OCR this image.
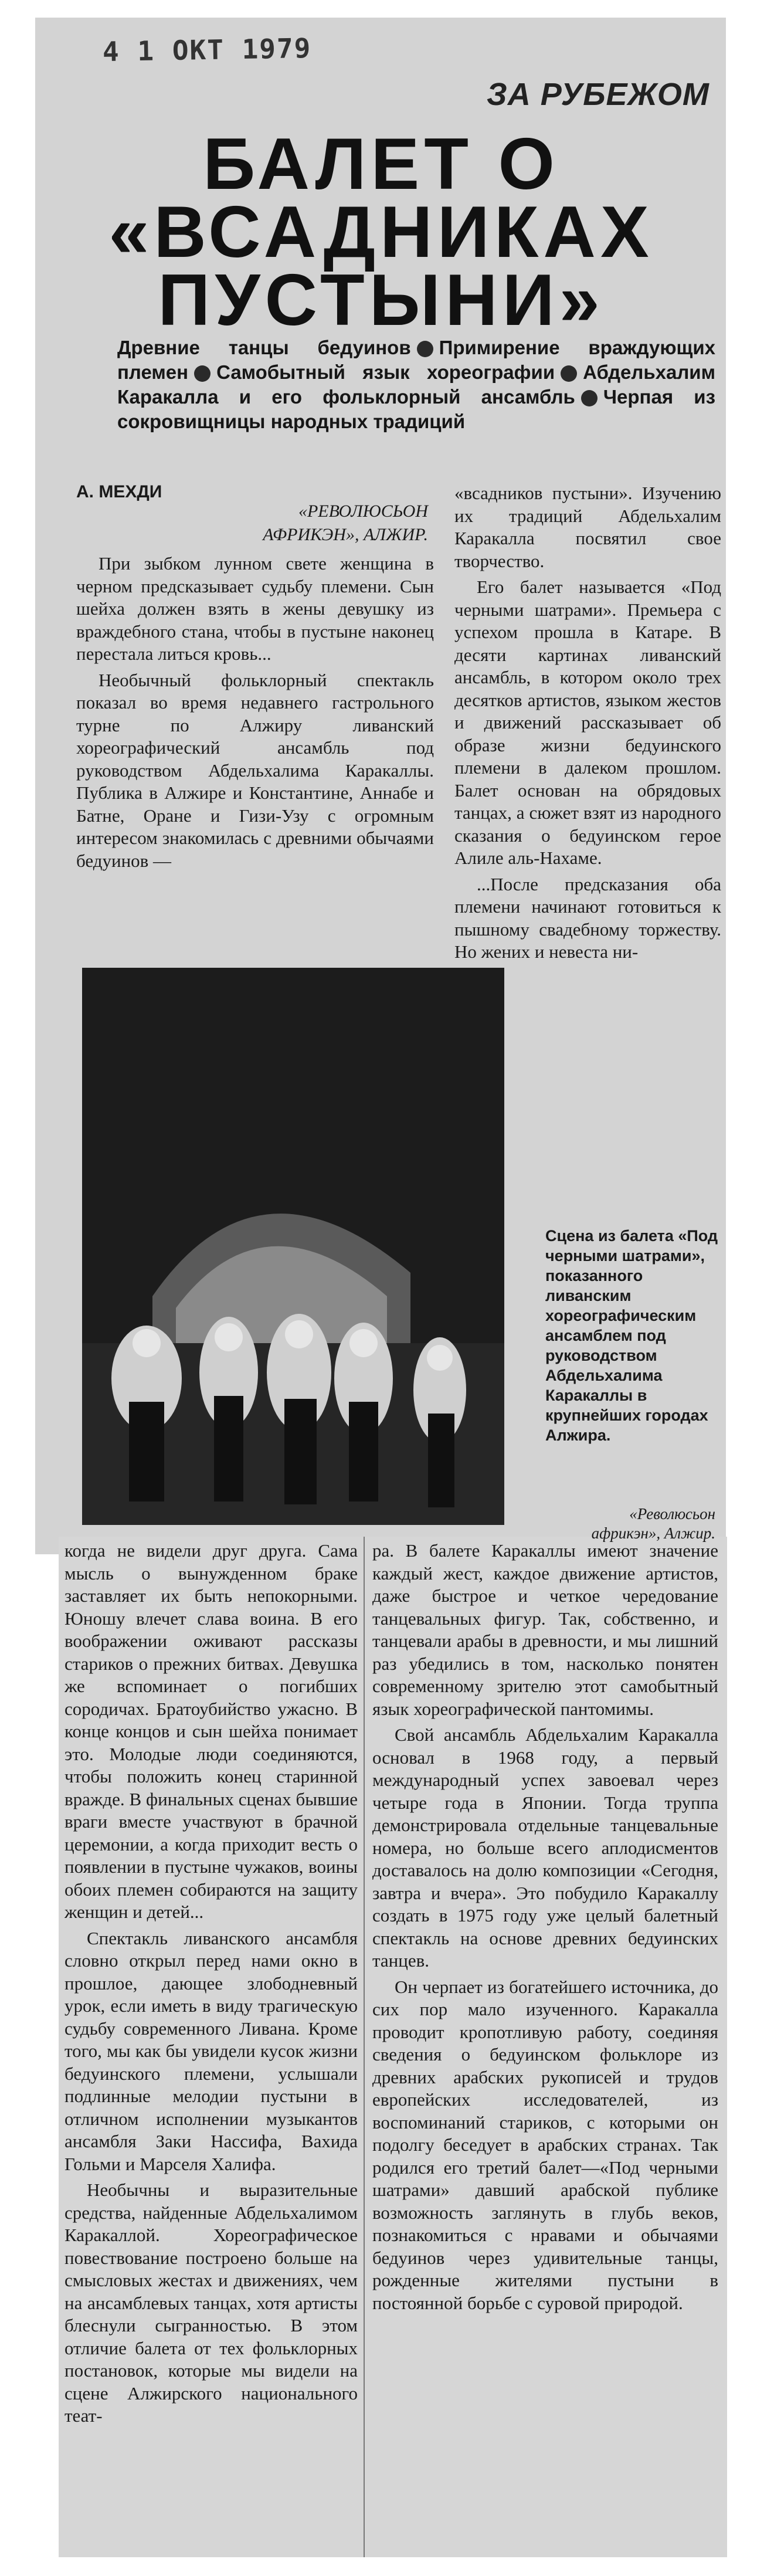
4 1 ОКТ 1979
ЗА РУБЕЖОМ
БАЛЕТ О «ВСАДНИКАХ ПУСТЫНИ»
Древние танцы бедуинов Примирение враждующих племен Самобытный язык хореографии Абдельхалим Каракалла и его фольклорный ансамбль Черпая из сокровищницы народных традиций
А. МЕХДИ
«РЕВОЛЮСЬОН АФРИКЭН», АЛЖИР.

При зыбком лунном свете женщина в черном предсказывает судьбу племени. Сын шейха должен взять в жены девушку из враждебного стана, чтобы в пустыне наконец перестала литься кровь...

Необычный фольклорный спектакль показал во время недавнего гастрольного турне по Алжиру ливанский хореографический ансамбль под руководством Абдельхалима Каракаллы. Публика в Алжире и Константине, Аннабе и Батне, Оране и Гизи-Узу с огромным интересом знакомилась с древними обычаями бедуинов —

«всадников пустыни». Изучению их традиций Абдельхалим Каракалла посвятил свое творчество.

Его балет называется «Под черными шатрами». Премьера с успехом прошла в Катаре. В десяти картинах ливанский ансамбль, в котором около трех десятков артистов, языком жестов и движений рассказывает об образе жизни бедуинского племени в далеком прошлом. Балет основан на обрядовых танцах, а сюжет взят из народного сказания о бедуинском герое Алиле аль-Нахаме.

...После предсказания оба племени начинают готовиться к пышному свадебному торжеству. Но жених и невеста ни-

Сцена из балета «Под черными шатрами», показанного ливанским хореографическим ансамблем под руководством Абдельхалима Каракаллы в крупнейших городах Алжира.
«Революсьон африкэн», Алжир.

когда не видели друг друга. Сама мысль о вынужденном браке заставляет их быть непокорными. Юношу влечет слава воина. В его воображении оживают рассказы стариков о прежних битвах. Девушка же вспоминает о погибших сородичах. Братоубийство ужасно. В конце концов и сын шейха понимает это. Молодые люди соединяются, чтобы положить конец старинной вражде. В финальных сценах бывшие враги вместе участвуют в брачной церемонии, а когда приходит весть о появлении в пустыне чужаков, воины обоих племен собираются на защиту женщин и детей...

Спектакль ливанского ансамбля словно открыл перед нами окно в прошлое, дающее злободневный урок, если иметь в виду трагическую судьбу современного Ливана. Кроме того, мы как бы увидели кусок жизни бедуинского племени, услышали подлинные мелодии пустыни в отличном исполнении музыкантов ансамбля Заки Нассифа, Вахида Гольми и Марселя Халифа.

Необычны и выразительные средства, найденные Абдельхалимом Каракаллой. Хореографическое повествование построено больше на смысловых жестах и движениях, чем на ансамблевых танцах, хотя артисты блеснули сыгранностью. В этом отличие балета от тех фольклорных постановок, которые мы видели на сцене Алжирского национального теат-

ра. В балете Каракаллы имеют значение каждый жест, каждое движение артистов, даже быстрое и четкое чередование танцевальных фигур. Так, собственно, и танцевали арабы в древности, и мы лишний раз убедились в том, насколько понятен современному зрителю этот самобытный язык хореографической пантомимы.

Свой ансамбль Абдельхалим Каракалла основал в 1968 году, а первый международный успех завоевал через четыре года в Японии. Тогда труппа демонстрировала отдельные танцевальные номера, но больше всего аплодисментов доставалось на долю композиции «Сегодня, завтра и вчера». Это побудило Каракаллу создать в 1975 году уже целый балетный спектакль на основе древних бедуинских танцев.

Он черпает из богатейшего источника, до сих пор мало изученного. Каракалла проводит кропотливую работу, соединяя сведения о бедуинском фольклоре из древних арабских рукописей и трудов европейских исследователей, из воспоминаний стариков, с которыми он подолгу беседует в арабских странах. Так родился его третий балет—«Под черными шатрами» давший арабской публике возможность заглянуть в глубь веков, познакомиться с нравами и обычаями бедуинов через удивительные танцы, рожденные жителями пустыни в постоянной борьбе с суровой природой.
